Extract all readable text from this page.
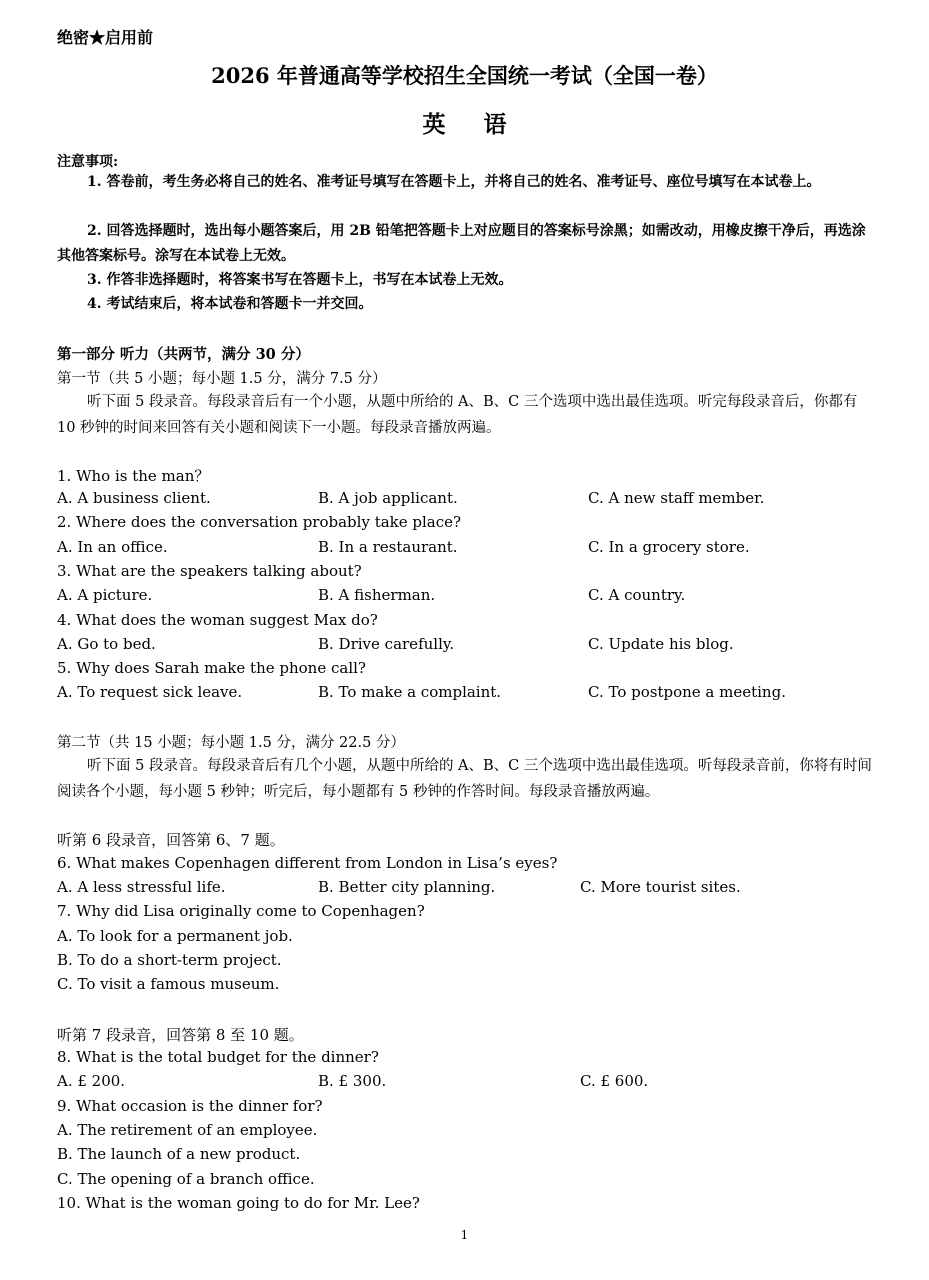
绝密★启用前
2026 年普通高等学校招生全国统一考试（全国一卷）
英语
注意事项:
1. 答卷前，考生务必将自己的姓名、准考证号填写在答题卡上，并将自己的姓名、准考证号、座位号填写在本试卷上。
2. 回答选择题时，选出每小题答案后，用 2B 铅笔把答题卡上对应题目的答案标号涂黑；如需改动，用橡皮擦干净后，再选涂其他答案标号。涂写在本试卷上无效。
3. 作答非选择题时，将答案书写在答题卡上，书写在本试卷上无效。
4. 考试结束后，将本试卷和答题卡一并交回。
第一部分 听力（共两节，满分 30 分）
第一节（共 5 小题；每小题 1.5 分，满分 7.5 分）
听下面 5 段录音。每段录音后有一个小题，从题中所给的 A、B、C 三个选项中选出最佳选项。听完每段录音后，你都有 10 秒钟的时间来回答有关小题和阅读下一小题。每段录音播放两遍。
1. Who is the man？
A. A business client.	B. A job applicant.	C. A new staff member.
2. Where does the conversation probably take place?
A. In an office.	B. In a restaurant.	C. In a grocery store.
3. What are the speakers talking about?
A. A picture.	B. A fisherman.	C. A country.
4. What does the woman suggest Max do?
A. Go to bed.	B. Drive carefully.	C. Update his blog.
5. Why does Sarah make the phone call?
A. To request sick leave.	B. To make a complaint.	C. To postpone a meeting.
第二节（共 15 小题；每小题 1.5 分，满分 22.5 分）
听下面 5 段录音。每段录音后有几个小题，从题中所给的 A、B、C 三个选项中选出最佳选项。听每段录音前，你将有时间阅读各个小题，每小题 5 秒钟；听完后，每小题都有 5 秒钟的作答时间。每段录音播放两遍。
听第 6 段录音，回答第 6、7 题。
6. What makes Copenhagen different from London in Lisa’s eyes?
A. A less stressful life.	B. Better city planning.	C. More tourist sites.
7. Why did Lisa originally come to Copenhagen?
A. To look for a permanent job.
B. To do a short-term project.
C. To visit a famous museum.
听第 7 段录音，回答第 8 至 10 题。
8. What is the total budget for the dinner?
A. £ 200.	B. £ 300.	C. £ 600.
9. What occasion is the dinner for?
A. The retirement of an employee.
B. The launch of a new product.
C. The opening of a branch office.
10. What is the woman going to do for Mr. Lee?
1
